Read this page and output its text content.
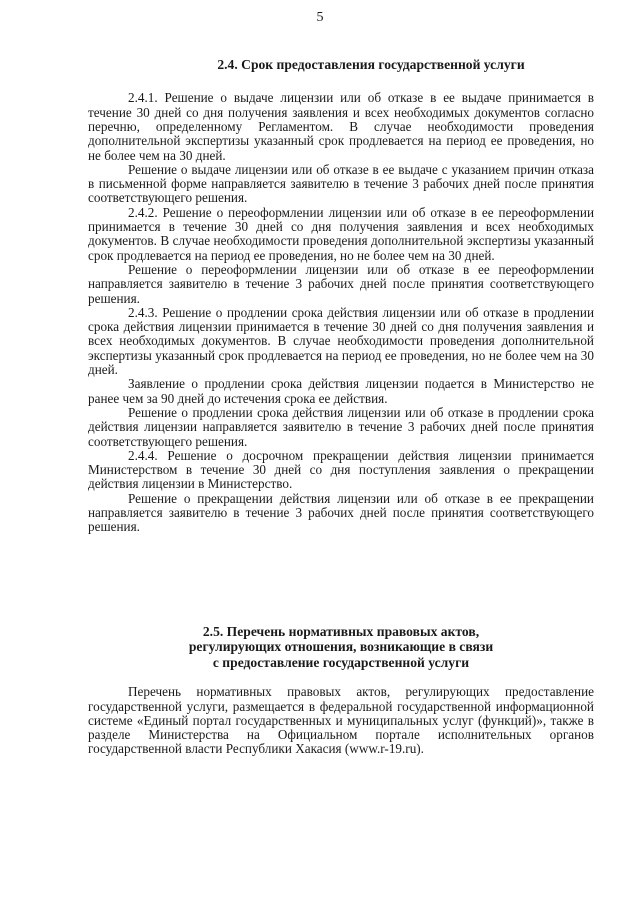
5
2.4. Срок предоставления государственной услуги

2.4.1. Решение о выдаче лицензии или об отказе в ее выдаче принимается в течение 30 дней со дня получения заявления и всех необходимых документов согласно перечню, определенному Регламентом. В случае необходимости проведения дополнительной экспертизы указанный срок продлевается на период ее проведения, но не более чем на 30 дней.

Решение о выдаче лицензии или об отказе в ее выдаче с указанием причин отказа в письменной форме направляется заявителю в течение 3 рабочих дней после принятия соответствующего решения.

2.4.2. Решение о переоформлении лицензии или об отказе в ее переоформлении принимается в течение 30 дней со дня получения заявления и всех необходимых документов. В случае необходимости проведения дополнительной экспертизы указанный срок продлевается на период ее проведения, но не более чем на 30 дней.

Решение о переоформлении лицензии или об отказе в ее переоформлении направляется заявителю в течение 3 рабочих дней после принятия соответствующего решения.

2.4.3. Решение о продлении срока действия лицензии или об отказе в продлении срока действия лицензии принимается в течение 30 дней со дня получения заявления и всех необходимых документов. В случае необходимости проведения дополнительной экспертизы указанный срок продлевается на период ее проведения, но не более чем на 30 дней.

Заявление о продлении срока действия лицензии подается в Министерство не ранее чем за 90 дней до истечения срока ее действия.

Решение о продлении срока действия лицензии или об отказе в продлении срока действия лицензии направляется заявителю в течение 3 рабочих дней после принятия соответствующего решения.

2.4.4. Решение о досрочном прекращении действия лицензии принимается Министерством в течение 30 дней со дня поступления заявления о прекращении действия лицензии в Министерство.

Решение о прекращении действия лицензии или об отказе в ее прекращении направляется заявителю в течение 3 рабочих дней после принятия соответствующего решения.

2.5. Перечень нормативных правовых актов,
регулирующих отношения, возникающие в связи
с предоставление государственной услуги

Перечень нормативных правовых актов, регулирующих предоставление государственной услуги, размещается в федеральной государственной информационной системе «Единый портал государственных и муниципальных услуг (функций)», также в разделе Министерства на Официальном портале исполнительных органов государственной власти Республики Хакасия (www.r-19.ru).
